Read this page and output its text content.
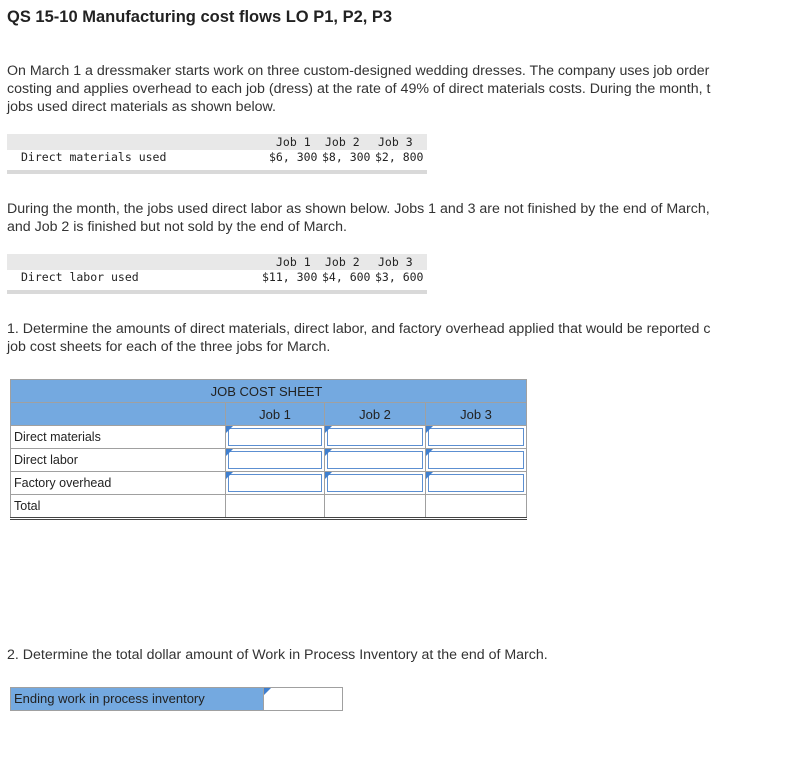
QS 15-10 Manufacturing cost flows LO P1, P2, P3
On March 1 a dressmaker starts work on three custom-designed wedding dresses. The company uses job order
costing and applies overhead to each job (dress) at the rate of 49% of direct materials costs. During the month, t
jobs used direct materials as shown below.
Job 1 Job 2 Job 3
Direct materials used	$6, 300 $8, 300 $2, 800
During the month, the jobs used direct labor as shown below. Jobs 1 and 3 are not finished by the end of March,
and Job 2 is finished but not sold by the end of March.
Job 1 Job 2 Job 3
Direct labor used	$11, 300 $4, 600 $3, 600
1. Determine the amounts of direct materials, direct labor, and factory overhead applied that would be reported c
job cost sheets for each of the three jobs for March.
JOB COST SHEET			
	Job 1	Job 2	Job 3
Direct materials	

Direct labor	

Factory overhead	

Total			
2. Determine the total dollar amount of Work in Process Inventory at the end of March.
Ending work in process inventory
